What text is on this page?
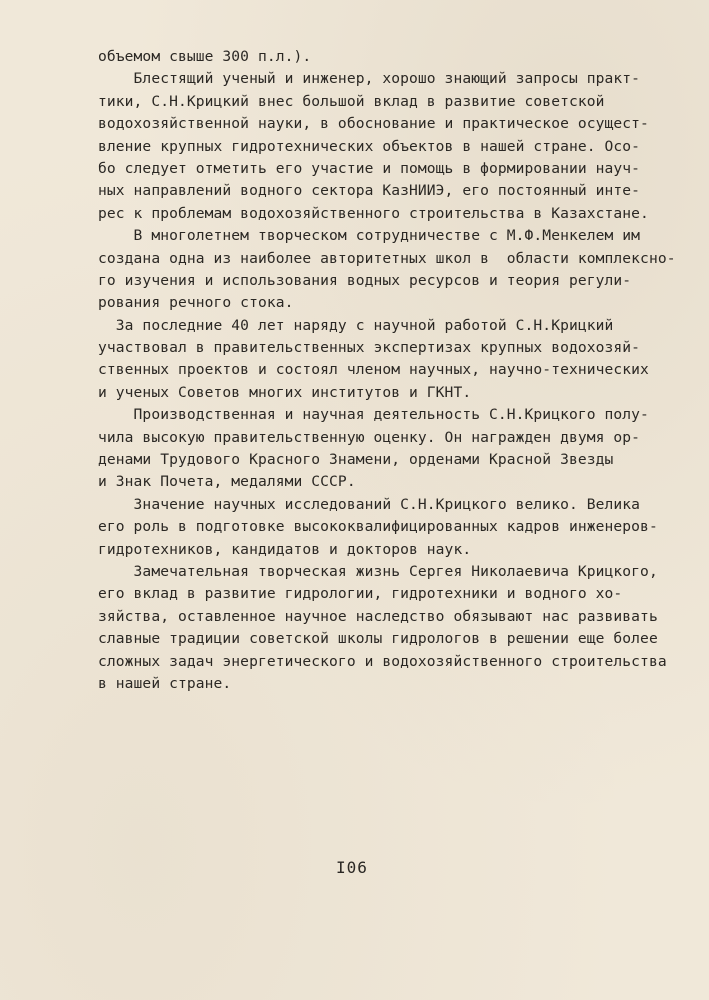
объемом свыше 300 п.л.).
Блестящий ученый и инженер, хорошо знающий запросы практ-
тики, С.Н.Крицкий внес большой вклад в развитие советской
водохозяйственной науки, в обоснование и практическое осущест-
вление крупных гидротехнических объектов в нашей стране. Осо-
бо следует отметить его участие и помощь в формировании науч-
ных направлений водного сектора КазНИИЭ, его постоянный инте-
рес к проблемам водохозяйственного строительства в Казахстане.
В многолетнем творческом сотрудничестве с М.Ф.Менкелем им
создана одна из наиболее авторитетных школ в  области комплексно-
го изучения и использования водных ресурсов и теория регули-
рования речного стока.
За последние 40 лет наряду с научной работой С.Н.Крицкий
участвовал в правительственных экспертизах крупных водохозяй-
ственных проектов и состоял членом научных, научно-технических
и ученых Советов многих институтов и ГКНТ.
Производственная и научная деятельность С.Н.Крицкого полу-
чила высокую правительственную оценку. Он награжден двумя ор-
денами Трудового Красного Знамени, орденами Красной Звезды
и Знак Почета, медалями СССР.
Значение научных исследований С.Н.Крицкого велико. Велика
его роль в подготовке высококвалифицированных кадров инженеров-
гидротехников, кандидатов и докторов наук.
Замечательная творческая жизнь Сергея Николаевича Крицкого,
его вклад в развитие гидрологии, гидротехники и водного хо-
зяйства, оставленное научное наследство обязывают нас развивать
славные традиции советской школы гидрологов в решении еще более
сложных задач энергетического и водохозяйственного строительства
в нашей стране.
I06
